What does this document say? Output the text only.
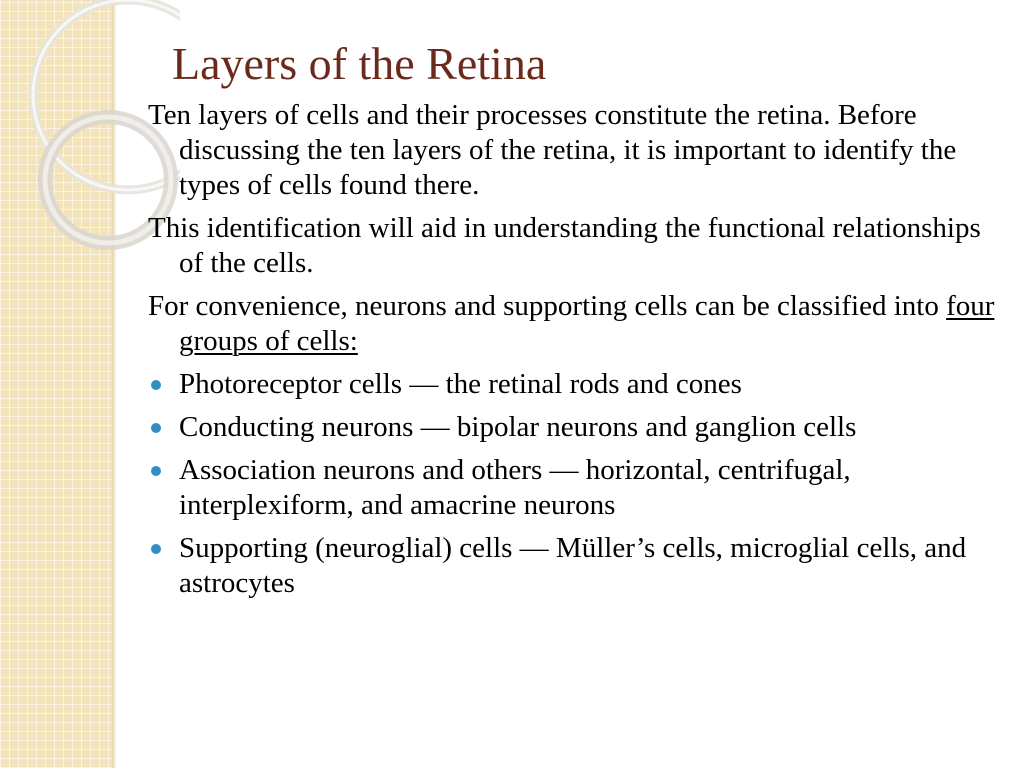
Layers of the Retina

Ten layers of cells and their processes constitute the retina. Before discussing the ten layers of the retina, it is important to identify the types of cells found there.

This identification will aid in understanding the functional relationships of the cells.

For convenience, neurons and supporting cells can be classified into four groups of cells:

Photoreceptor cells — the retinal rods and cones
Conducting neurons — bipolar neurons and ganglion cells
Association neurons and others — horizontal, centrifugal, interplexiform, and amacrine neurons
Supporting (neuroglial) cells — Müller’s cells, microglial cells, and astrocytes
